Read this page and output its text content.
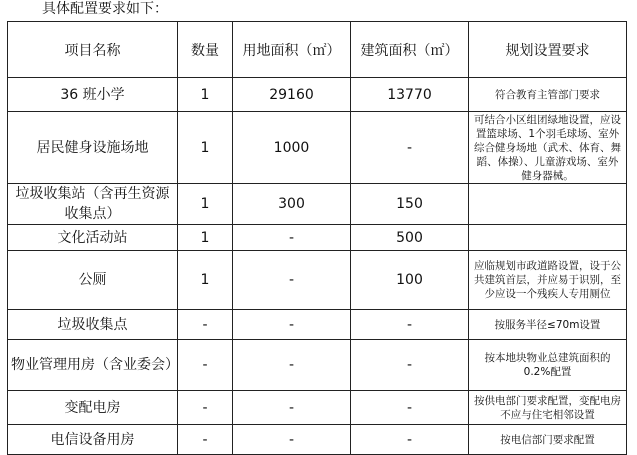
具体配置要求如下：
项目名称	数量	用地面积（㎡）	建筑面积（㎡）	规划设置要求
36 班小学	1	29160	13770	符合教育主管部门要求
居民健身设施场地	1	1000	-	可结合小区组团绿地设置，应设置篮球场、1个羽毛球场、室外综合健身场地（武术、体育、舞蹈、体操）、儿童游戏场、室外健身器械。
垃圾收集站（含再生资源收集点）	1	300	150	
文化活动站	1	-	500	
公厕	1	-	100	应临规划市政道路设置，设于公共建筑首层，并应易于识别，至少应设一个残疾人专用厕位
垃圾收集点	-	-	-	按服务半径≤70m设置
物业管理用房（含业委会）	-	-	-	按本地块物业总建筑面积的0.2%配置
变配电房	-	-	-	按供电部门要求配置，变配电房不应与住宅相邻设置
电信设备用房	-	-	-	按电信部门要求配置
